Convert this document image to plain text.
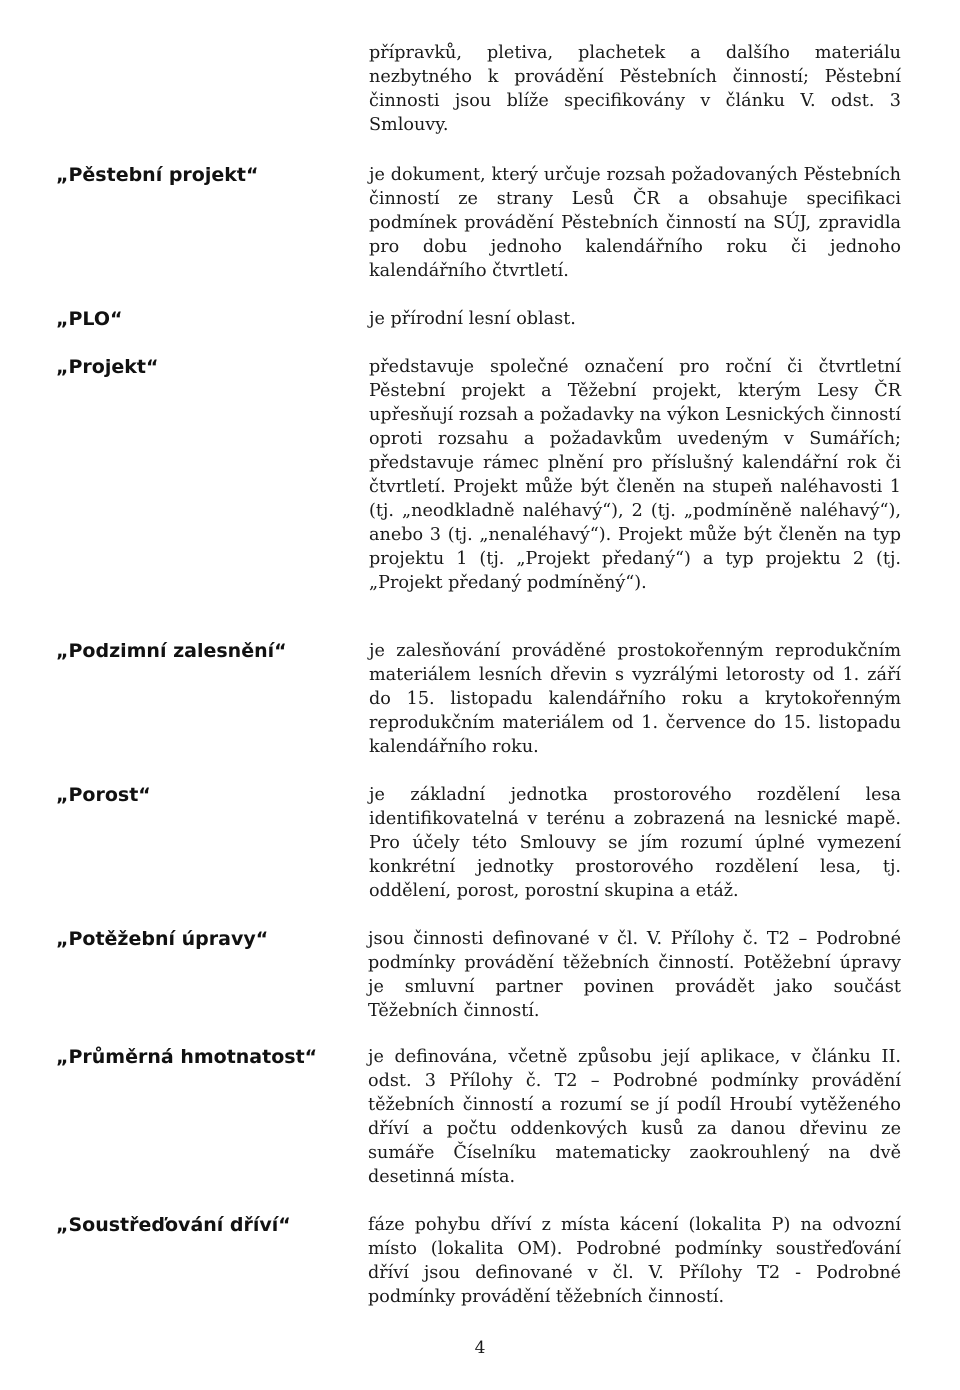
přípravků, pletiva, plachetek a dalšího materiálu nezbytného k provádění Pěstebních činností; Pěstební činnosti jsou blíže specifikovány v článku V. odst. 3 Smlouvy.
„Pěstební projekt“	je dokument, který určuje rozsah požadovaných Pěstebních činností ze strany Lesů ČR a obsahuje specifikaci podmínek provádění Pěstebních činností na SÚJ, zpravidla pro dobu jednoho kalendářního roku či jednoho kalendářního čtvrtletí.
„PLO“	je přírodní lesní oblast.
„Projekt“	představuje společné označení pro roční či čtvrtletní Pěstební projekt a Těžební projekt, kterým Lesy ČR upřesňují rozsah a požadavky na výkon Lesnických činností oproti rozsahu a požadavkům uvedeným v Sumářích; představuje rámec plnění pro příslušný kalendářní rok či čtvrtletí. Projekt může být členěn na stupeň naléhavosti 1 (tj. „neodkladně naléhavý“), 2 (tj. „podmíněně naléhavý“), anebo 3 (tj. „nenaléhavý“). Projekt může být členěn na typ projektu 1 (tj. „Projekt předaný“) a typ projektu 2 (tj. „Projekt předaný podmíněný“).
„Podzimní zalesnění“	je zalesňování prováděné prostokořenným reprodukčním materiálem lesních dřevin s vyzrálými letorosty od 1. září do 15. listopadu kalendářního roku a krytokořenným reprodukčním materiálem od 1. července do 15. listopadu kalendářního roku.
„Porost“	je základní jednotka prostorového rozdělení lesa identifikovatelná v terénu a zobrazená na lesnické mapě. Pro účely této Smlouvy se jím rozumí úplné vymezení konkrétní jednotky prostorového rozdělení lesa, tj. oddělení, porost, porostní skupina a etáž.
„Potěžební úpravy“	jsou činnosti definované v čl. V. Přílohy č. T2 – Podrobné podmínky provádění těžebních činností. Potěžební úpravy je smluvní partner povinen provádět jako součást Těžebních činností.
„Průměrná hmotnatost“	je definována, včetně způsobu její aplikace, v článku II. odst. 3 Přílohy č. T2 – Podrobné podmínky provádění těžebních činností a rozumí se jí podíl Hroubí vytěženého dříví a počtu oddenkových kusů za danou dřevinu ze sumáře Číselníku matematicky zaokrouhlený na dvě desetinná místa.
„Soustřeďování dříví“	fáze pohybu dříví z místa kácení (lokalita P) na odvozní místo (lokalita OM). Podrobné podmínky soustřeďování dříví jsou definované v čl. V. Přílohy T2 - Podrobné podmínky provádění těžebních činností.
4
